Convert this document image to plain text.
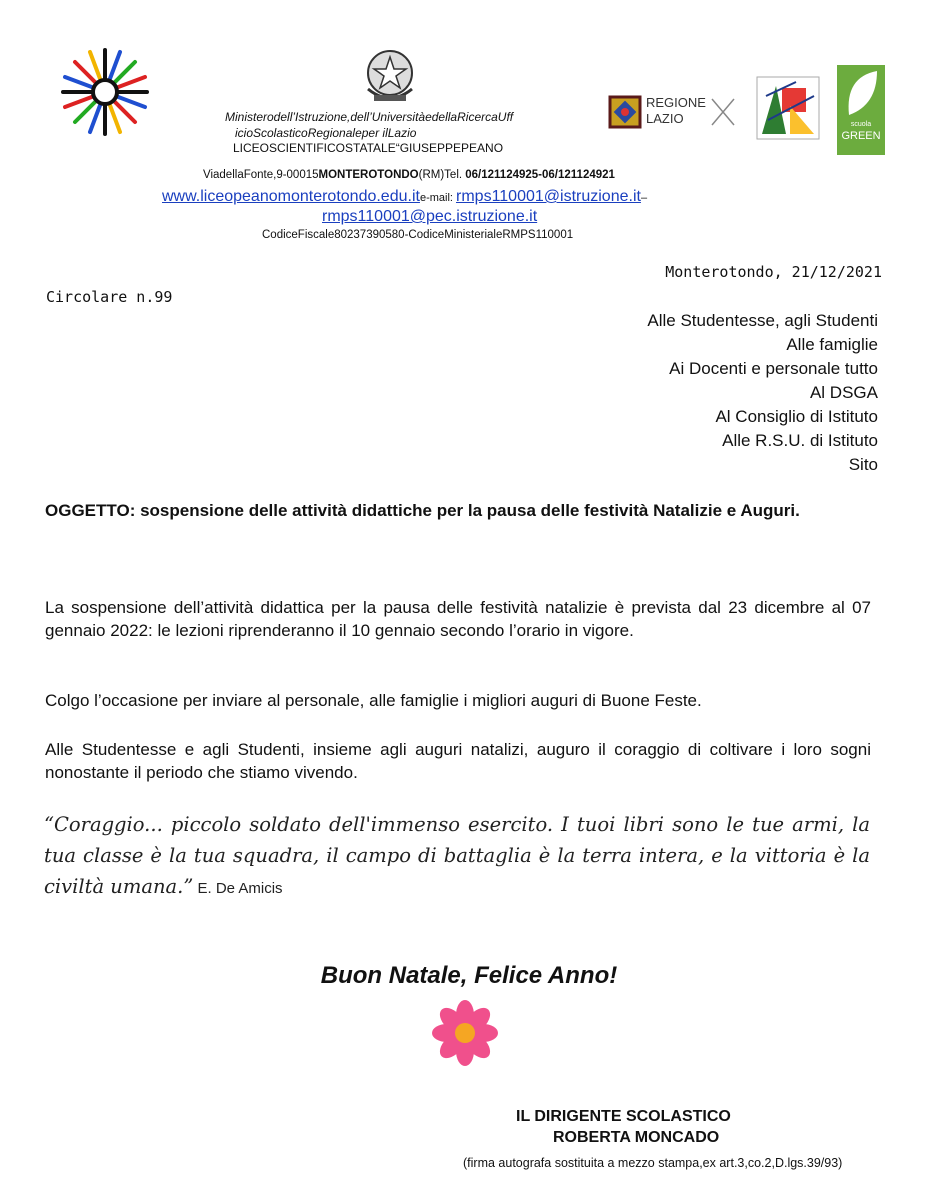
Ministerodell’Istruzione,dell’UniversitàedellaRicercaUff
icioScolasticoRegionaleper ilLazio
LICEOSCIENTIFICOSTATALE“GIUSEPPEPEANO
REGIONE
LAZIO	scuola
GREEN
ViadellaFonte,9-00015MONTEROTONDO(RM)Tel. 06/121124925-06/121124921
www.liceopeanomonterotondo.edu.ite-mail: rmps110001@istruzione.it–
rmps110001@pec.istruzione.it
CodiceFiscale80237390580-CodiceMinisterialeRMPS110001
Monterotondo, 21/12/2021
Circolare n.99
Alle Studentesse, agli Studenti
Alle famiglie
Ai Docenti e personale tutto
Al DSGA
Al Consiglio di Istituto
Alle R.S.U. di Istituto
Sito
OGGETTO: sospensione delle attività didattiche per la pausa delle festività Natalizie e Auguri.
La sospensione dell’attività didattica per la pausa delle festività natalizie è prevista dal 23 dicembre al 07 gennaio 2022: le lezioni riprenderanno il 10 gennaio secondo l’orario in vigore.
Colgo l’occasione per inviare al personale, alle famiglie i migliori auguri di Buone Feste.
Alle Studentesse e agli Studenti, insieme agli auguri natalizi, auguro il coraggio di coltivare i loro sogni nonostante il periodo che stiamo vivendo.
“Coraggio... piccolo soldato dell'immenso esercito. I tuoi libri sono le tue armi, la tua classe è la tua squadra, il campo di battaglia è la terra intera, e la vittoria è la civiltà umana.” E. De Amicis
Buon Natale, Felice Anno!
IL DIRIGENTE SCOLASTICO
ROBERTA MONCADO
(firma autografa sostituita a mezzo stampa,ex art.3,co.2,D.lgs.39/93)
